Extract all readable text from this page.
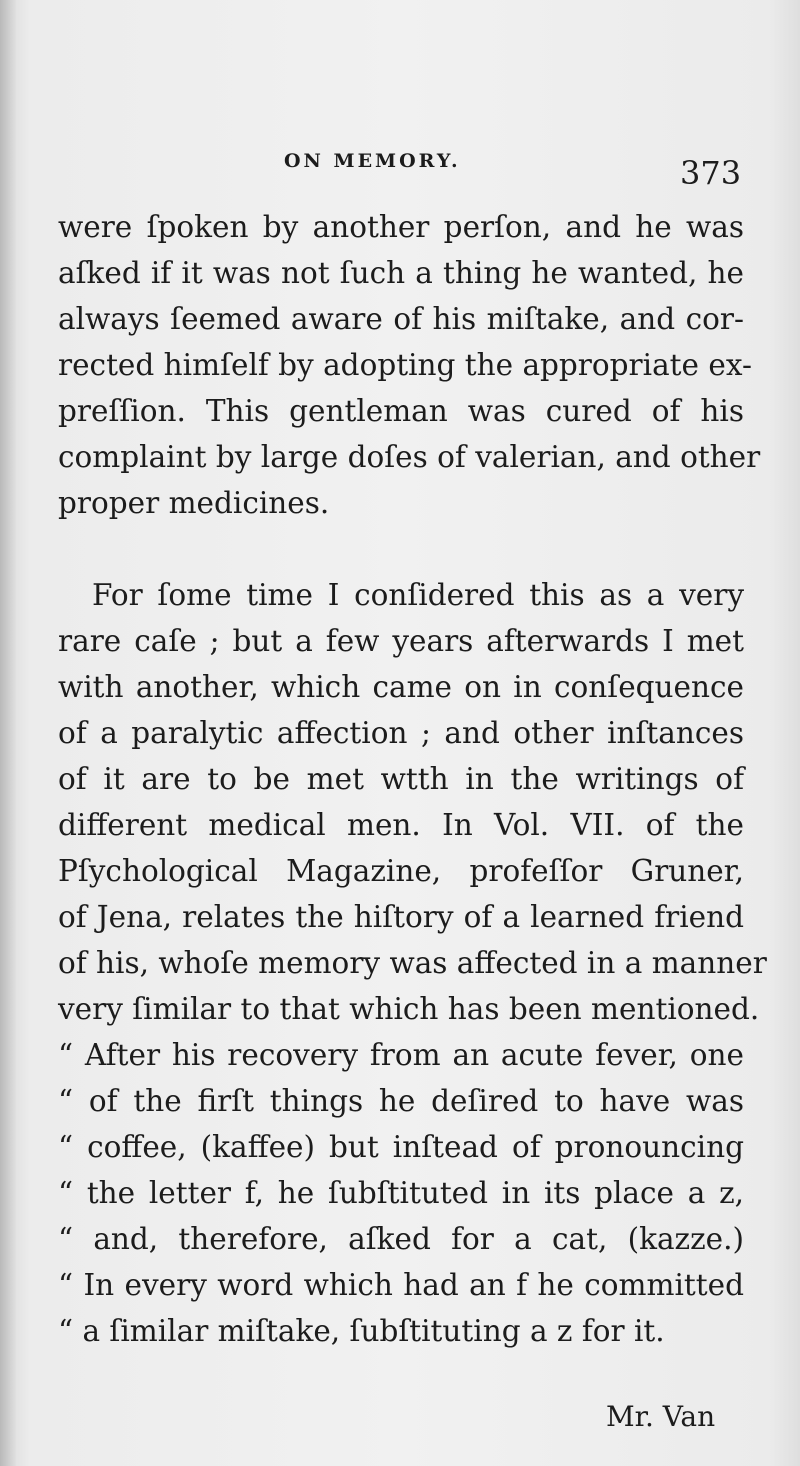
ON MEMORY.	373
were ſpoken by another perſon, and he was
aſked if it was not ſuch a thing he wanted, he
always ſeemed aware of his miſtake, and cor-
rected himſelf by adopting the appropriate ex-
preſſion. This gentleman was cured of his
complaint by large doſes of valerian, and other
proper medicines.
For ſome time I conſidered this as a very
rare caſe ; but a few years afterwards I met
with another, which came on in conſequence
of a paralytic affection ; and other inſtances
of it are to be met wtth in the writings of
different medical men. In Vol. VII. of the
Pſychological Magazine, profeſſor Gruner,
of Jena, relates the hiſtory of a learned friend
of his, whoſe memory was affected in a manner
very ſimilar to that which has been mentioned.
“ After his recovery from an acute fever, one
“ of the firſt things he deſired to have was
“ coffee, (kaffee) but inſtead of pronouncing
“ the letter f, he ſubſtituted in its place a z,
“ and, therefore, aſked for a cat, (kazze.)
“ In every word which had an f he committed
“ a ſimilar miſtake, ſubſtituting a z for it.
Mr. Van
